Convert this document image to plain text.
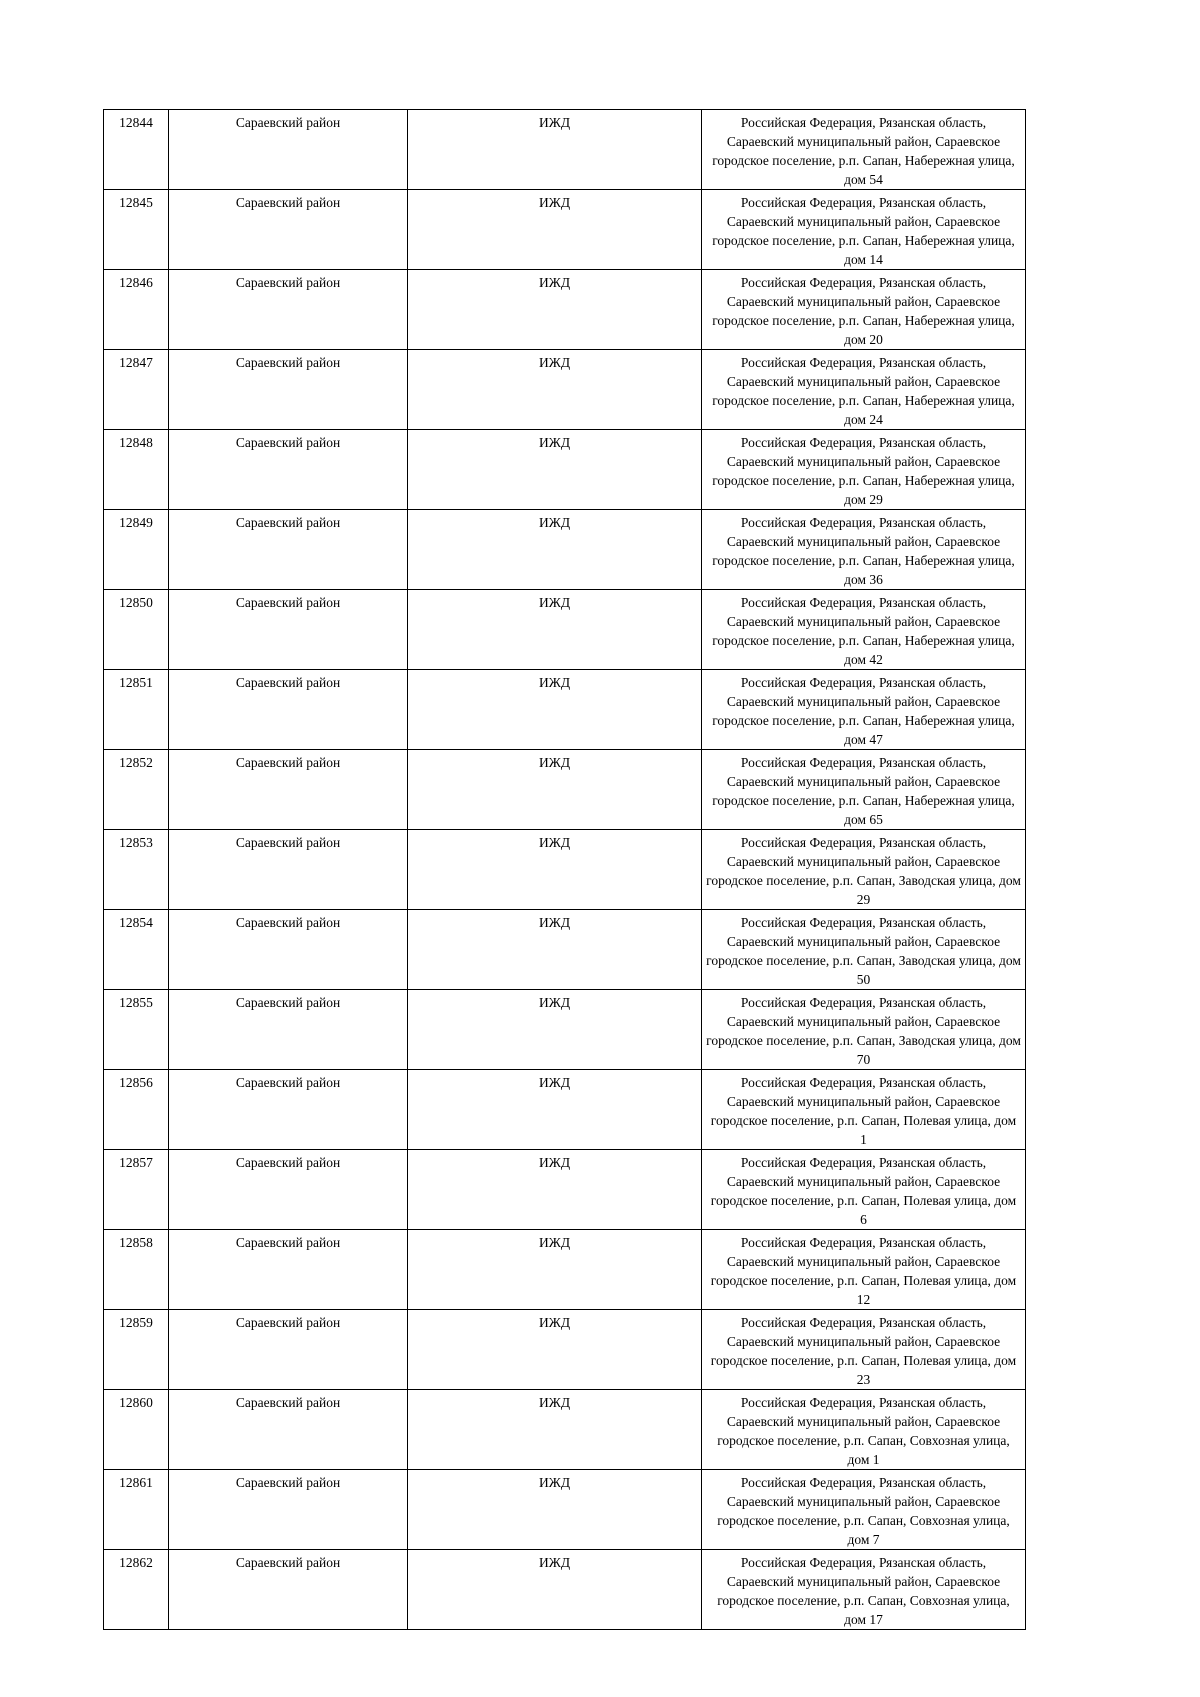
12844	Сараевский район	ИЖД	Российская Федерация, Рязанская область, Сараевский муниципальный район, Сараевское городское поселение, р.п. Сапан, Набережная улица, дом 54
12845	Сараевский район	ИЖД	Российская Федерация, Рязанская область, Сараевский муниципальный район, Сараевское городское поселение, р.п. Сапан, Набережная улица, дом 14
12846	Сараевский район	ИЖД	Российская Федерация, Рязанская область, Сараевский муниципальный район, Сараевское городское поселение, р.п. Сапан, Набережная улица, дом 20
12847	Сараевский район	ИЖД	Российская Федерация, Рязанская область, Сараевский муниципальный район, Сараевское городское поселение, р.п. Сапан, Набережная улица, дом 24
12848	Сараевский район	ИЖД	Российская Федерация, Рязанская область, Сараевский муниципальный район, Сараевское городское поселение, р.п. Сапан, Набережная улица, дом 29
12849	Сараевский район	ИЖД	Российская Федерация, Рязанская область, Сараевский муниципальный район, Сараевское городское поселение, р.п. Сапан, Набережная улица, дом 36
12850	Сараевский район	ИЖД	Российская Федерация, Рязанская область, Сараевский муниципальный район, Сараевское городское поселение, р.п. Сапан, Набережная улица, дом 42
12851	Сараевский район	ИЖД	Российская Федерация, Рязанская область, Сараевский муниципальный район, Сараевское городское поселение, р.п. Сапан, Набережная улица, дом 47
12852	Сараевский район	ИЖД	Российская Федерация, Рязанская область, Сараевский муниципальный район, Сараевское городское поселение, р.п. Сапан, Набережная улица, дом 65
12853	Сараевский район	ИЖД	Российская Федерация, Рязанская область, Сараевский муниципальный район, Сараевское городское поселение, р.п. Сапан, Заводская улица, дом 29
12854	Сараевский район	ИЖД	Российская Федерация, Рязанская область, Сараевский муниципальный район, Сараевское городское поселение, р.п. Сапан, Заводская улица, дом 50
12855	Сараевский район	ИЖД	Российская Федерация, Рязанская область, Сараевский муниципальный район, Сараевское городское поселение, р.п. Сапан, Заводская улица, дом 70
12856	Сараевский район	ИЖД	Российская Федерация, Рязанская область, Сараевский муниципальный район, Сараевское городское поселение, р.п. Сапан, Полевая улица, дом 1
12857	Сараевский район	ИЖД	Российская Федерация, Рязанская область, Сараевский муниципальный район, Сараевское городское поселение, р.п. Сапан, Полевая улица, дом 6
12858	Сараевский район	ИЖД	Российская Федерация, Рязанская область, Сараевский муниципальный район, Сараевское городское поселение, р.п. Сапан, Полевая улица, дом 12
12859	Сараевский район	ИЖД	Российская Федерация, Рязанская область, Сараевский муниципальный район, Сараевское городское поселение, р.п. Сапан, Полевая улица, дом 23
12860	Сараевский район	ИЖД	Российская Федерация, Рязанская область, Сараевский муниципальный район, Сараевское городское поселение, р.п. Сапан, Совхозная улица, дом 1
12861	Сараевский район	ИЖД	Российская Федерация, Рязанская область, Сараевский муниципальный район, Сараевское городское поселение, р.п. Сапан, Совхозная улица, дом 7
12862	Сараевский район	ИЖД	Российская Федерация, Рязанская область, Сараевский муниципальный район, Сараевское городское поселение, р.п. Сапан, Совхозная улица, дом 17
